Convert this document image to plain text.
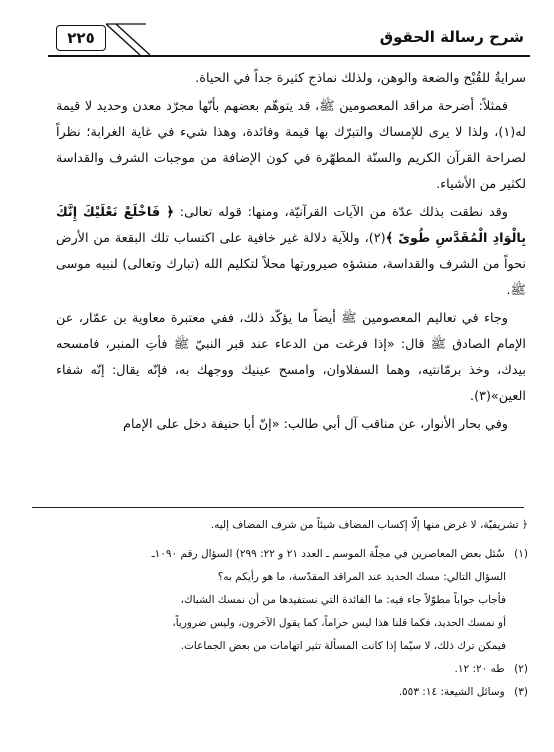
٢٢٥	شرح رسالة الحقوق

سرايةُ للقُبْح والضعة والوهن، ولذلك نماذج كثيرة جداً في الحياة.

فمثلاً: أضرحة مراقد المعصومين ﷺ، قد يتوهّم بعضهم بأنّها مجرّد معدن وحديد لا قيمة له(١)، ولذا لا يرى للإمساك والتبرّك بها قيمة وفائدة، وهذا شيء في غاية الغرابة؛ نظراً لصراحة القرآن الكريم والسنّة المطهّرة في كون الإضافة من موجبات الشرف والقداسة لكثير من الأشياء.

وقد نطقت بذلك عدّة من الآيات القرآنيّة، ومنها: قوله تعالى: ﴿ فَاخْلَعْ نَعْلَيْكَ إِنَّكَ بِالْوَادِ الْمُقَدَّسِ طُوىً ﴾(٢)، وللآية دلالة غير خافية على اكتساب تلك البقعة من الأرض نحواً من الشرف والقداسة، منشؤه صيرورتها محلاً لتكليم الله (تبارك وتعالى) لنبيه موسى ﷺ.

وجاء في تعاليم المعصومين ﷺ أيضاً ما يؤكّد ذلك، ففي معتبرة معاوية بن عمّار، عن الإمام الصادق ﷺ قال: «إذا فرغت من الدعاء عند قبر النبيّ ﷺ فأتِ المنبر، فامسحه بيدك، وخذ برمّانتيه، وهما السفلاوان، وامسح عينيك ووجهك به، فإنّه يقال: إنّه شفاء العين»(٣).

وفي بحار الأنوار، عن مناقب آل أبي طالب: «إنّ أبا حنيفة دخل على الإمام

﴿ تشريفيّة، لا غرض منها إلّا إكساب المضاف شيئاً من شرف المضاف إليه.

(١) سُئل بعض المعاصرين في مجلّة الموسم ـ العدد ٢١ و ٢٢: ٢٩٩) السؤال رقم ١٠٩٠ـ

السؤال التالي: مسك الحديد عند المراقد المقدّسة، ما هو رأيكم به؟

فأجاب جواباً مطوّلاً جاء فيه: ما الفائدة التي نستفيدها من أن نمسك الشباك،

أو نمسك الحديد، فكما قلنا هذا ليس حراماً، كما يقول الآخرون، وليس ضرورياً،

فيمكن ترك ذلك، لا سيّما إذا كانت المسألة تثير اتهامات من بعض الجماعات.

(٢) طه ٢٠: ١٢.

(٣) وسائل الشيعة: ١٤: ٥٥٣.
